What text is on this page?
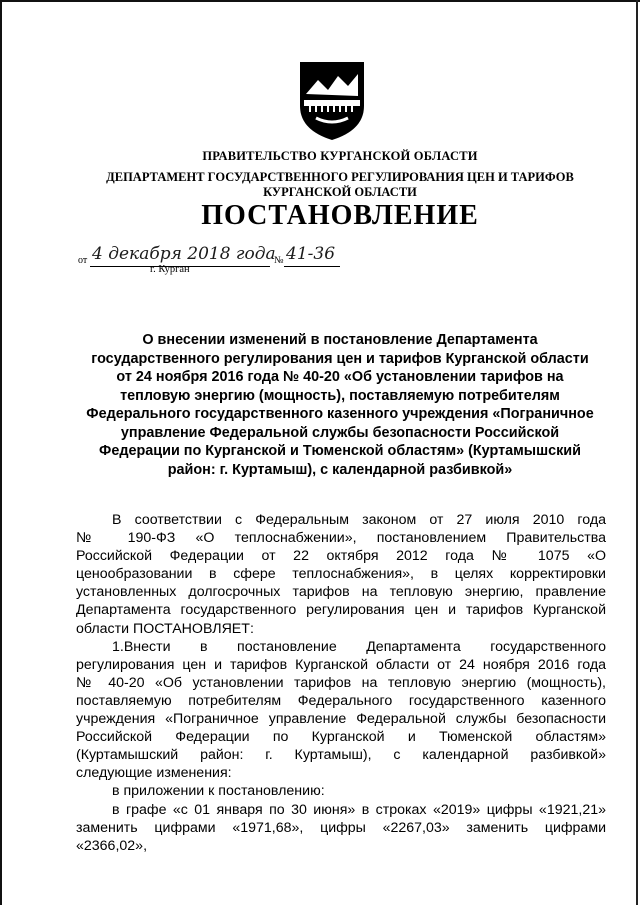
ПРАВИТЕЛЬСТВО КУРГАНСКОЙ ОБЛАСТИ
ДЕПАРТАМЕНТ ГОСУДАРСТВЕННОГО РЕГУЛИРОВАНИЯ ЦЕН И ТАРИФОВ
КУРГАНСКОЙ ОБЛАСТИ
ПОСТАНОВЛЕНИЕ
от 4 декабря 2018 года
№ 41-36
г. Курган
О внесении изменений в постановление Департамента
государственного регулирования цен и тарифов Курганской области
от 24 ноября 2016 года № 40-20 «Об установлении тарифов на
тепловую энергию (мощность), поставляемую потребителям
Федерального государственного казенного учреждения «Пограничное
управление Федеральной службы безопасности Российской
Федерации по Курганской и Тюменской областям» (Куртамышский
район: г. Куртамыш), с календарной разбивкой»
В соответствии с Федеральным законом от 27 июля 2010 года
№ 190-ФЗ «О теплоснабжении», постановлением Правительства
Российской Федерации от 22 октября 2012 года № 1075 «О
ценообразовании в сфере теплоснабжения», в целях корректировки
установленных долгосрочных тарифов на тепловую энергию, правление
Департамента государственного регулирования цен и тарифов Курганской
области ПОСТАНОВЛЯЕТ:
1.Внести в постановление Департамента государственного
регулирования цен и тарифов Курганской области от 24 ноября 2016 года
№ 40-20 «Об установлении тарифов на тепловую энергию (мощность),
поставляемую потребителям Федерального государственного казенного
учреждения «Пограничное управление Федеральной службы безопасности
Российской Федерации по Курганской и Тюменской областям»
(Куртамышский район: г. Куртамыш), с календарной разбивкой»
следующие изменения:
в приложении к постановлению:
в графе «с 01 января по 30 июня» в строках «2019» цифры «1921,21»
заменить цифрами «1971,68», цифры «2267,03» заменить цифрами
«2366,02»,
